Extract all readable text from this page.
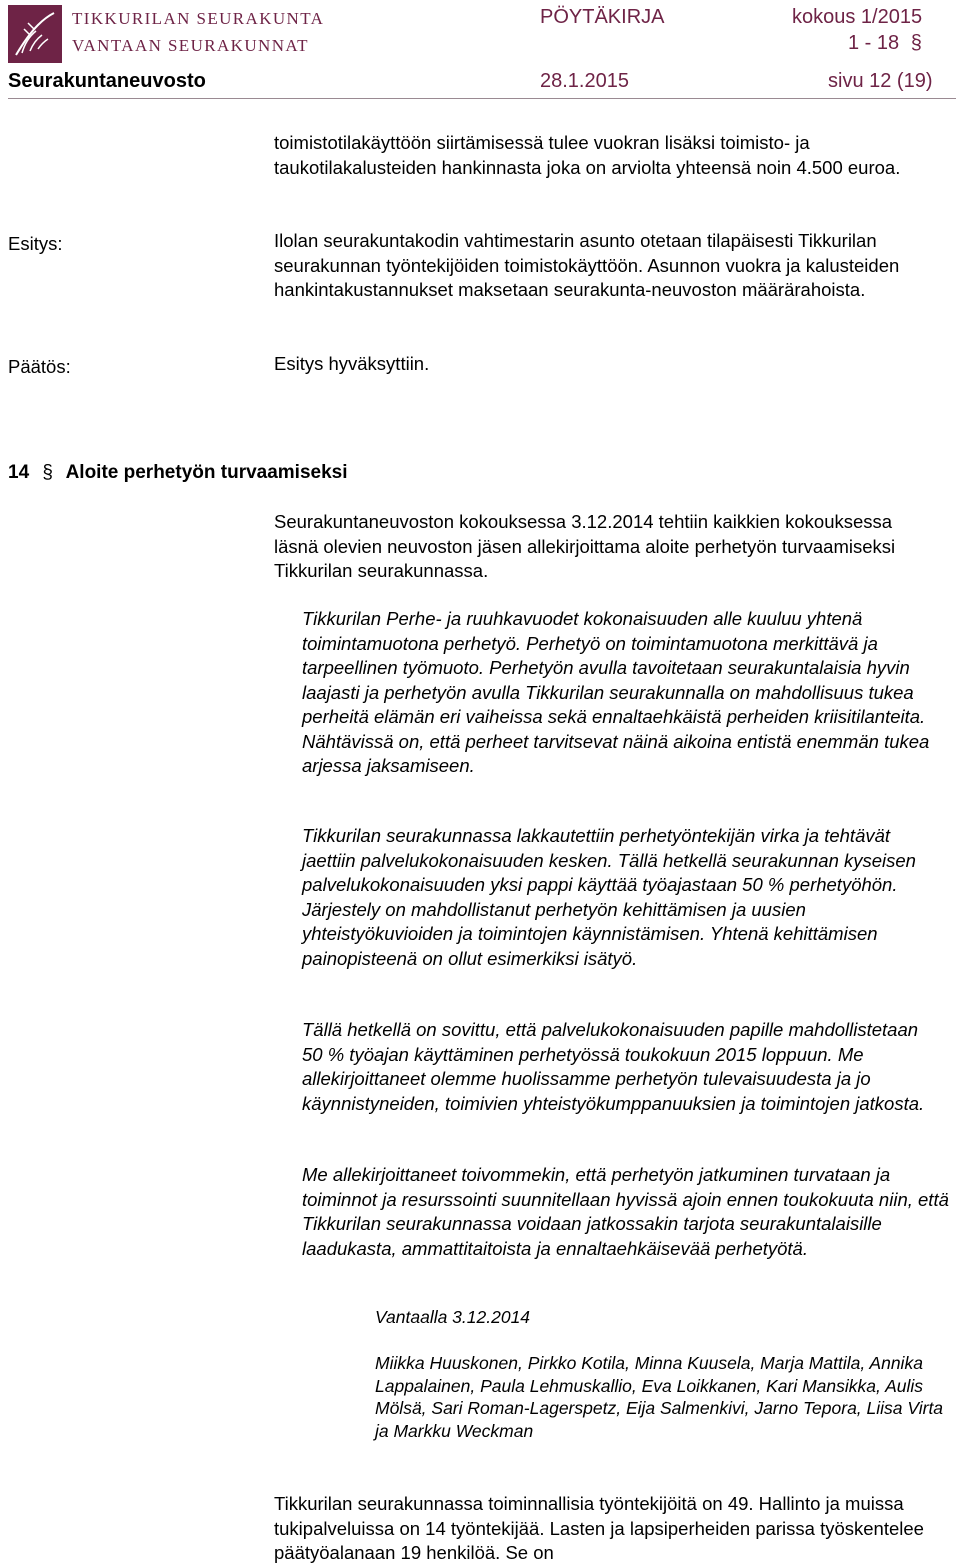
TIKKURILAN SEURAKUNTA
VANTAAN SEURAKUNNAT
PÖYTÄKIRJA	kokous 1/2015
1 - 18 §
Seurakuntaneuvosto	28.1.2015	sivu 12 (19)
toimistotilakäyttöön siirtämisessä tulee vuokran lisäksi toimisto- ja taukotilakalusteiden hankinnasta joka on arviolta yhteensä noin 4.500 euroa.
Esitys:	Ilolan seurakuntakodin vahtimestarin asunto otetaan tilapäisesti Tikkurilan seurakunnan työntekijöiden toimistokäyttöön. Asunnon vuokra ja kalusteiden hankintakustannukset maksetaan seurakunta-neuvoston määrärahoista.
Päätös:	Esitys hyväksyttiin.
14 § Aloite perhetyön turvaamiseksi
Seurakuntaneuvoston kokouksessa 3.12.2014 tehtiin kaikkien kokouksessa läsnä olevien neuvoston jäsen allekirjoittama aloite perhetyön turvaamiseksi Tikkurilan seurakunnassa.
Tikkurilan Perhe- ja ruuhkavuodet kokonaisuuden alle kuuluu yhtenä toimintamuotona perhetyö. Perhetyö on toimintamuotona merkittävä ja tarpeellinen työmuoto. Perhetyön avulla tavoitetaan seurakuntalaisia hyvin laajasti ja perhetyön avulla Tikkurilan seurakunnalla on mahdollisuus tukea perheitä elämän eri vaiheissa sekä ennaltaehkäistä perheiden kriisitilanteita. Nähtävissä on, että perheet tarvitsevat näinä aikoina entistä enemmän tukea arjessa jaksamiseen.
Tikkurilan seurakunnassa lakkautettiin perhetyöntekijän virka ja tehtävät jaettiin palvelukokonaisuuden kesken. Tällä hetkellä seurakunnan kyseisen palvelukokonaisuuden yksi pappi käyttää työajastaan 50 % perhetyöhön. Järjestely on mahdollistanut perhetyön kehittämisen ja uusien yhteistyökuvioiden ja toimintojen käynnistämisen. Yhtenä kehittämisen painopisteenä on ollut esimerkiksi isätyö.
Tällä hetkellä on sovittu, että palvelukokonaisuuden papille mahdollistetaan 50 % työajan käyttäminen perhetyössä toukokuun 2015 loppuun. Me allekirjoittaneet olemme huolissamme perhetyön tulevaisuudesta ja jo käynnistyneiden, toimivien yhteistyökumppanuuksien ja toimintojen jatkosta.
Me allekirjoittaneet toivommekin, että perhetyön jatkuminen turvataan ja toiminnot ja resurssointi suunnitellaan hyvissä ajoin ennen toukokuuta niin, että Tikkurilan seurakunnassa voidaan jatkossakin tarjota seurakuntalaisille laadukasta, ammattitaitoista ja ennaltaehkäisevää perhetyötä.
Vantaalla 3.12.2014
Miikka Huuskonen, Pirkko Kotila, Minna Kuusela, Marja Mattila, Annika Lappalainen, Paula Lehmuskallio, Eva Loikkanen, Kari Mansikka, Aulis Mölsä, Sari Roman-Lagerspetz, Eija Salmenkivi, Jarno Tepora, Liisa Virta ja Markku Weckman
Tikkurilan seurakunnassa toiminnallisia työntekijöitä on 49. Hallinto ja muissa tukipalveluissa on 14 työntekijää. Lasten ja lapsiperheiden parissa työskentelee päätyöalanaan 19 henkilöä. Se on
